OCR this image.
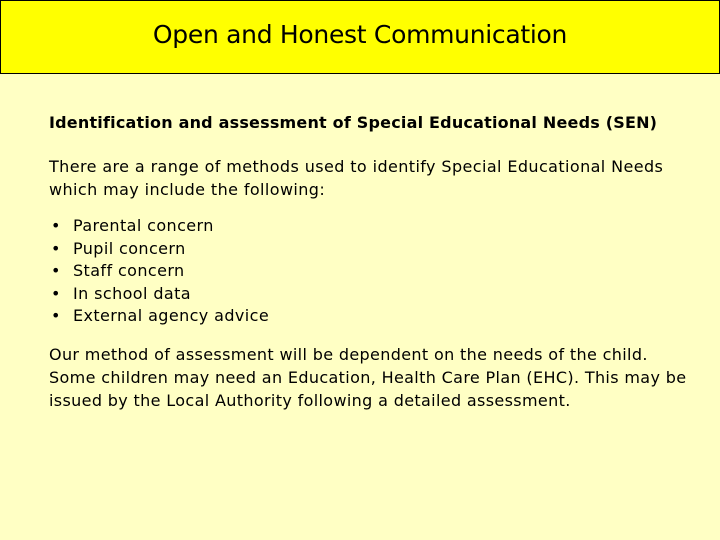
Open and Honest Communication

Identification and assessment of Special Educational Needs (SEN)

There are a range of methods used to identify Special Educational Needs which may include the following:

• Parental concern
• Pupil concern
• Staff concern
• In school data
• External agency advice

Our method of assessment will be dependent on the needs of the child. Some children may need an Education, Health Care Plan (EHC). This may be issued by the Local Authority following a detailed assessment.
